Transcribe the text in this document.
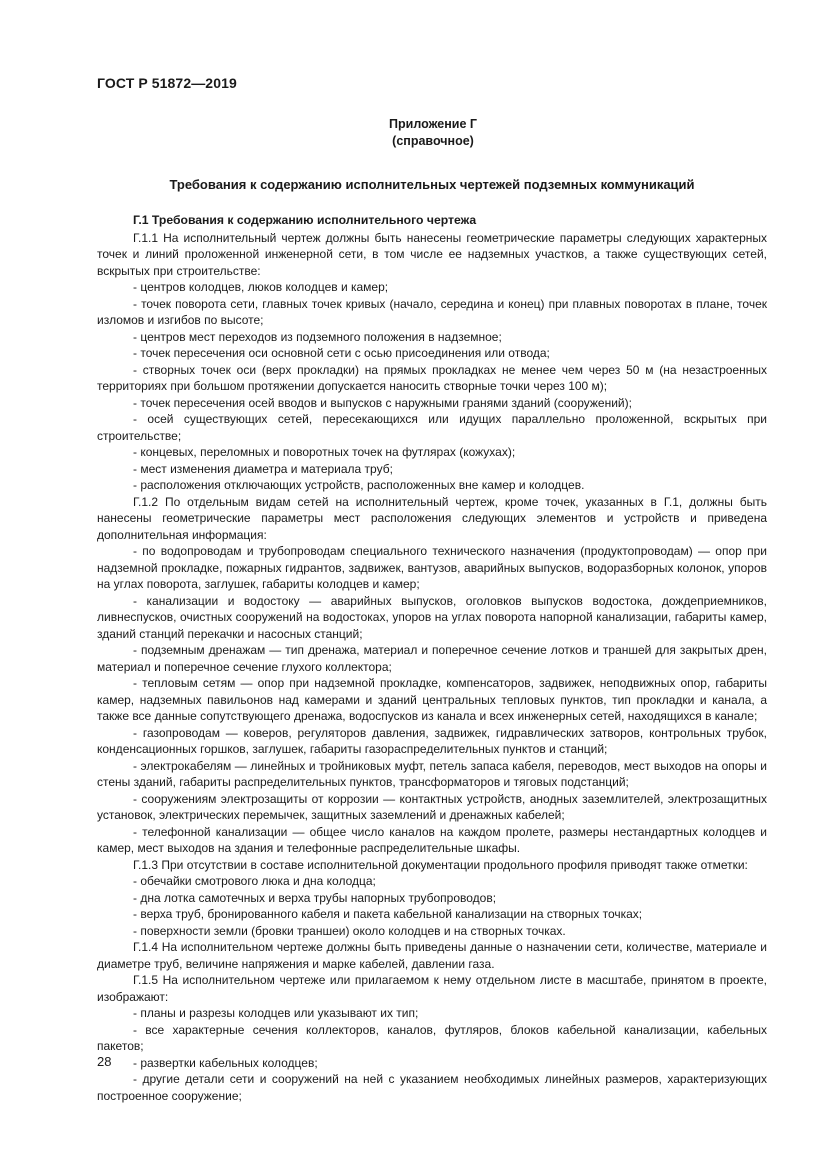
ГОСТ Р 51872—2019
Приложение Г
(справочное)
Требования к содержанию исполнительных чертежей подземных коммуникаций
Г.1 Требования к содержанию исполнительного чертежа

Г.1.1 На исполнительный чертеж должны быть нанесены геометрические параметры следующих характерных точек и линий проложенной инженерной сети, в том числе ее надземных участков, а также существующих сетей, вскрытых при строительстве:

- центров колодцев, люков колодцев и камер;

- точек поворота сети, главных точек кривых (начало, середина и конец) при плавных поворотах в плане, точек изломов и изгибов по высоте;

- центров мест переходов из подземного положения в надземное;

- точек пересечения оси основной сети с осью присоединения или отвода;

- створных точек оси (верх прокладки) на прямых прокладках не менее чем через 50 м (на незастроенных территориях при большом протяжении допускается наносить створные точки через 100 м);

- точек пересечения осей вводов и выпусков с наружными гранями зданий (сооружений);

- осей существующих сетей, пересекающихся или идущих параллельно проложенной, вскрытых при строительстве;

- концевых, переломных и поворотных точек на футлярах (кожухах);

- мест изменения диаметра и материала труб;

- расположения отключающих устройств, расположенных вне камер и колодцев.

Г.1.2 По отдельным видам сетей на исполнительный чертеж, кроме точек, указанных в Г.1, должны быть нанесены геометрические параметры мест расположения следующих элементов и устройств и приведена дополнительная информация:

- по водопроводам и трубопроводам специального технического назначения (продуктопроводам) — опор при надземной прокладке, пожарных гидрантов, задвижек, вантузов, аварийных выпусков, водоразборных колонок, упоров на углах поворота, заглушек, габариты колодцев и камер;

- канализации и водостоку — аварийных выпусков, оголовков выпусков водостока, дождеприемников, ливнеспусков, очистных сооружений на водостоках, упоров на углах поворота напорной канализации, габариты камер, зданий станций перекачки и насосных станций;

- подземным дренажам — тип дренажа, материал и поперечное сечение лотков и траншей для закрытых дрен, материал и поперечное сечение глухого коллектора;

- тепловым сетям — опор при надземной прокладке, компенсаторов, задвижек, неподвижных опор, габариты камер, надземных павильонов над камерами и зданий центральных тепловых пунктов, тип прокладки и канала, а также все данные сопутствующего дренажа, водоспусков из канала и всех инженерных сетей, находящихся в канале;

- газопроводам — коверов, регуляторов давления, задвижек, гидравлических затворов, контрольных трубок, конденсационных горшков, заглушек, габариты газораспределительных пунктов и станций;

- электрокабелям — линейных и тройниковых муфт, петель запаса кабеля, переводов, мест выходов на опоры и стены зданий, габариты распределительных пунктов, трансформаторов и тяговых подстанций;

- сооружениям электрозащиты от коррозии — контактных устройств, анодных заземлителей, электрозащитных установок, электрических перемычек, защитных заземлений и дренажных кабелей;

- телефонной канализации — общее число каналов на каждом пролете, размеры нестандартных колодцев и камер, мест выходов на здания и телефонные распределительные шкафы.

Г.1.3 При отсутствии в составе исполнительной документации продольного профиля приводят также отметки:

- обечайки смотрового люка и дна колодца;

- дна лотка самотечных и верха трубы напорных трубопроводов;

- верха труб, бронированного кабеля и пакета кабельной канализации на створных точках;

- поверхности земли (бровки траншеи) около колодцев и на створных точках.

Г.1.4 На исполнительном чертеже должны быть приведены данные о назначении сети, количестве, материале и диаметре труб, величине напряжения и марке кабелей, давлении газа.

Г.1.5 На исполнительном чертеже или прилагаемом к нему отдельном листе в масштабе, принятом в проекте, изображают:

- планы и разрезы колодцев или указывают их тип;

- все характерные сечения коллекторов, каналов, футляров, блоков кабельной канализации, кабельных пакетов;

- развертки кабельных колодцев;

- другие детали сети и сооружений на ней с указанием необходимых линейных размеров, характеризующих построенное сооружение;

28
